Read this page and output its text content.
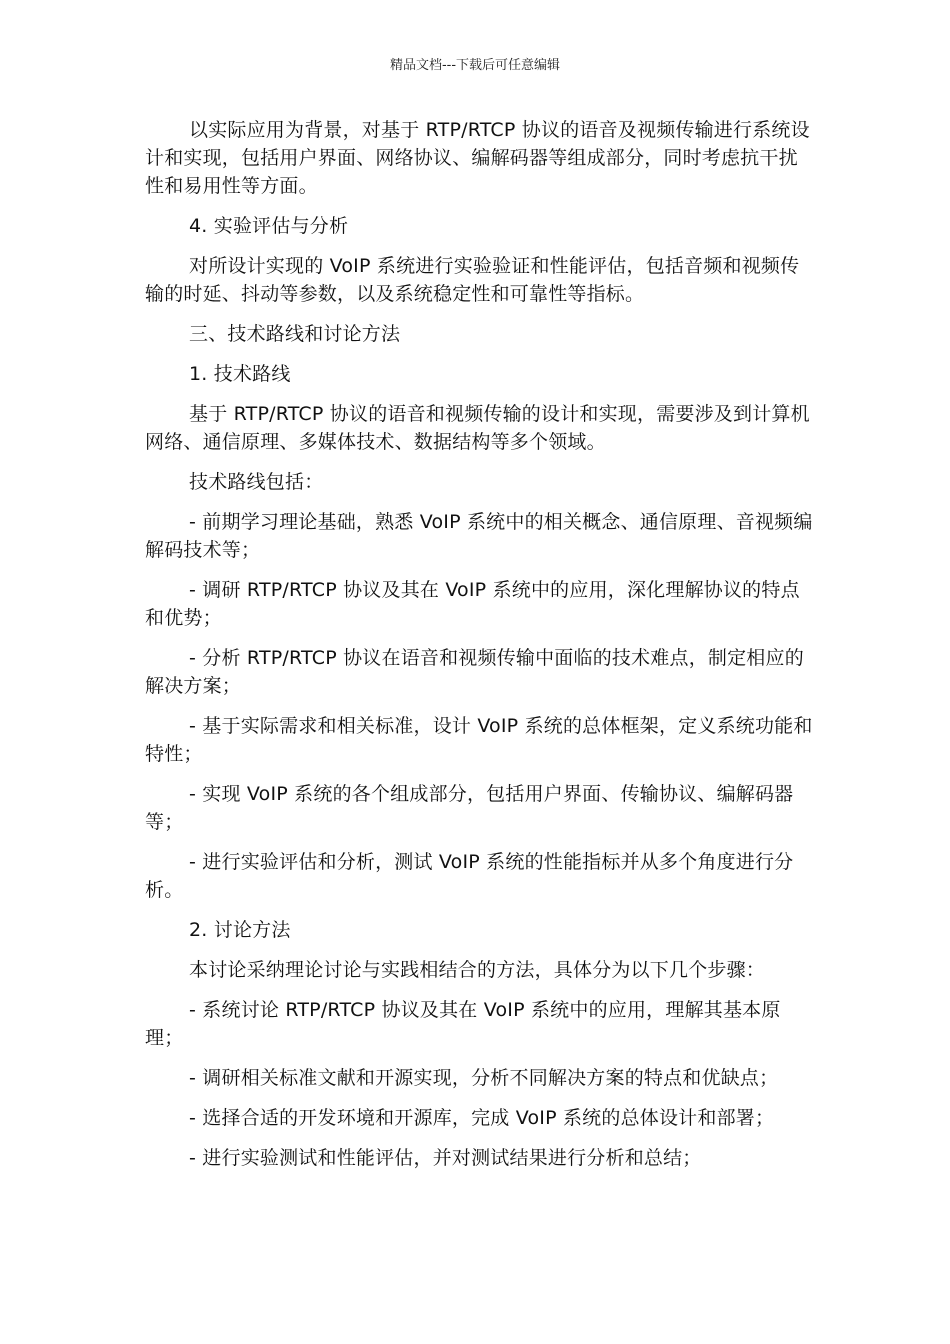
精品文档---下载后可任意编辑

以实际应用为背景，对基于 RTP/RTCP 协议的语音及视频传输进行系统设计和实现，包括用户界面、网络协议、编解码器等组成部分，同时考虑抗干扰性和易用性等方面。

4. 实验评估与分析

对所设计实现的 VoIP 系统进行实验验证和性能评估，包括音频和视频传输的时延、抖动等参数，以及系统稳定性和可靠性等指标。

三、技术路线和讨论方法

1. 技术路线

基于 RTP/RTCP 协议的语音和视频传输的设计和实现，需要涉及到计算机网络、通信原理、多媒体技术、数据结构等多个领域。

技术路线包括：

- 前期学习理论基础，熟悉 VoIP 系统中的相关概念、通信原理、音视频编解码技术等；

- 调研 RTP/RTCP 协议及其在 VoIP 系统中的应用，深化理解协议的特点和优势；

- 分析 RTP/RTCP 协议在语音和视频传输中面临的技术难点，制定相应的解决方案；

- 基于实际需求和相关标准，设计 VoIP 系统的总体框架，定义系统功能和特性；

- 实现 VoIP 系统的各个组成部分，包括用户界面、传输协议、编解码器等；

- 进行实验评估和分析，测试 VoIP 系统的性能指标并从多个角度进行分析。

2. 讨论方法

本讨论采纳理论讨论与实践相结合的方法，具体分为以下几个步骤：

- 系统讨论 RTP/RTCP 协议及其在 VoIP 系统中的应用，理解其基本原理；

- 调研相关标准文献和开源实现，分析不同解决方案的特点和优缺点；

- 选择合适的开发环境和开源库，完成 VoIP 系统的总体设计和部署；

- 进行实验测试和性能评估，并对测试结果进行分析和总结；
